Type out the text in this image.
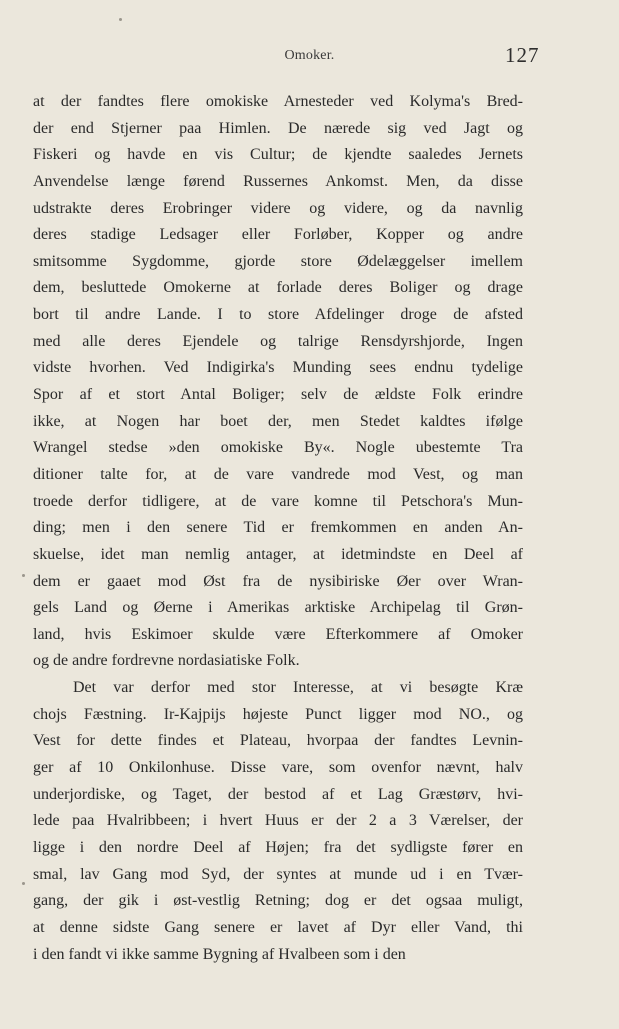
Omoker.	127
at der fandtes flere omokiske Arnesteder ved Kolyma's Bred-
der end Stjerner paa Himlen. De nærede sig ved Jagt og
Fiskeri og havde en vis Cultur; de kjendte saaledes Jernets
Anvendelse længe førend Russernes Ankomst. Men, da disse
udstrakte deres Erobringer videre og videre, og da navnlig
deres stadige Ledsager eller Forløber, Kopper og andre
smitsomme Sygdomme, gjorde store Ødelæggelser imellem
dem, besluttede Omokerne at forlade deres Boliger og drage
bort til andre Lande. I to store Afdelinger droge de afsted
med alle deres Ejendele og talrige Rensdyrshjorde, Ingen
vidste hvorhen. Ved Indigirka's Munding sees endnu tydelige
Spor af et stort Antal Boliger; selv de ældste Folk erindre
ikke, at Nogen har boet der, men Stedet kaldtes ifølge
Wrangel stedse »den omokiske By«. Nogle ubestemte Tra
ditioner talte for, at de vare vandrede mod Vest, og man
troede derfor tidligere, at de vare komne til Petschora's Mun-
ding; men i den senere Tid er fremkommen en anden An-
skuelse, idet man nemlig antager, at idetmindste en Deel af
dem er gaaet mod Øst fra de nysibiriske Øer over Wran-
gels Land og Øerne i Amerikas arktiske Archipelag til Grøn-
land, hvis Eskimoer skulde være Efterkommere af Omoker
og de andre fordrevne nordasiatiske Folk.
Det var derfor med stor Interesse, at vi besøgte Kræ
chojs Fæstning. Ir-Kajpijs højeste Punct ligger mod NO., og
Vest for dette findes et Plateau, hvorpaa der fandtes Levnin-
ger af 10 Onkilonhuse. Disse vare, som ovenfor nævnt, halv
underjordiske, og Taget, der bestod af et Lag Græstørv, hvi-
lede paa Hvalribbeen; i hvert Huus er der 2 a 3 Værelser, der
ligge i den nordre Deel af Højen; fra det sydligste fører en
smal, lav Gang mod Syd, der syntes at munde ud i en Tvær-
gang, der gik i øst-vestlig Retning; dog er det ogsaa muligt,
at denne sidste Gang senere er lavet af Dyr eller Vand, thi
i den fandt vi ikke samme Bygning af Hvalbeen som i den
